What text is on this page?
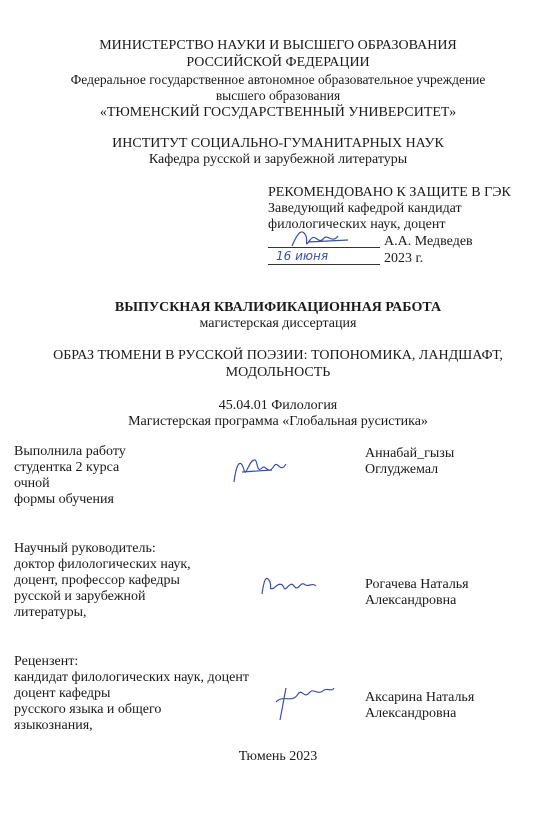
МИНИСТЕРСТВО НАУКИ И ВЫСШЕГО ОБРАЗОВАНИЯ
РОССИЙСКОЙ ФЕДЕРАЦИИ
Федеральное государственное автономное образовательное учреждение
высшего образования
«ТЮМЕНСКИЙ ГОСУДАРСТВЕННЫЙ УНИВЕРСИТЕТ»
ИНСТИТУТ СОЦИАЛЬНО-ГУМАНИТАРНЫХ НАУК
Кафедра русской и зарубежной литературы
РЕКОМЕНДОВАНО К ЗАЩИТЕ В ГЭК
Заведующий кафедрой кандидат
филологических наук, доцент
А.А. Медведев
16 июня	2023 г.
ВЫПУСКНАЯ КВАЛИФИКАЦИОННАЯ РАБОТА
магистерская диссертация
ОБРАЗ ТЮМЕНИ В РУССКОЙ ПОЭЗИИ: ТОПОНОМИКА, ЛАНДШАФТ,
МОДОЛЬНОСТЬ
45.04.01 Филология
Магистерская программа «Глобальная русистика»
Выполнила работу
студентка 2 курса
очной
формы обучения
Аннабай_гызы
Оглуджемал
Научный руководитель:
доктор филологических наук,
доцент, профессор кафедры
русской и зарубежной
литературы,
Рогачева Наталья
Александровна
Рецензент:
кандидат филологических наук, доцент
доцент кафедры
русского языка и общего
языкознания,
Аксарина Наталья
Александровна
Тюмень 2023
